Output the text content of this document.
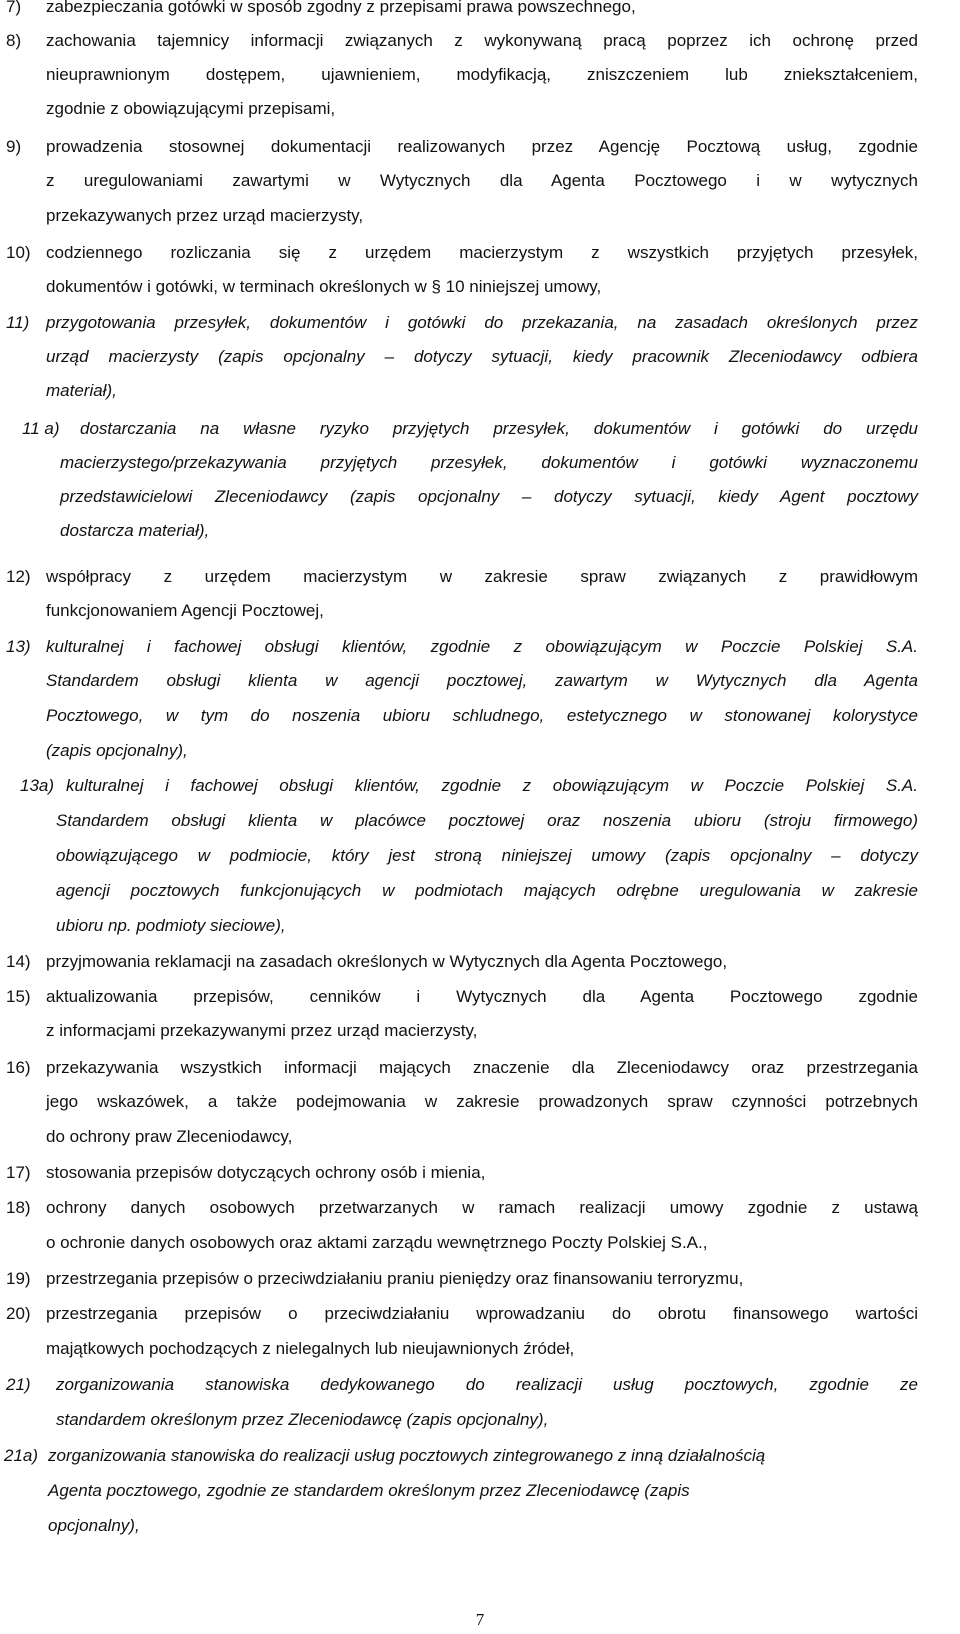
7) zabezpieczania gotówki w sposób zgodny z przepisami prawa powszechnego,
8) zachowania tajemnicy informacji związanych z wykonywaną pracą poprzez ich ochronę przed
nieuprawnionym dostępem, ujawnieniem, modyfikacją, zniszczeniem lub zniekształceniem,
zgodnie z obowiązującymi przepisami,
9) prowadzenia stosownej dokumentacji realizowanych przez Agencję Pocztową usług, zgodnie
z uregulowaniami zawartymi w Wytycznych dla Agenta Pocztowego i w wytycznych
przekazywanych przez urząd macierzysty,
10) codziennego rozliczania się z urzędem macierzystym z wszystkich przyjętych przesyłek,
dokumentów i gotówki, w terminach określonych w § 10 niniejszej umowy,
11) przygotowania przesyłek, dokumentów i gotówki do przekazania, na zasadach określonych przez
urząd macierzysty (zapis opcjonalny – dotyczy sytuacji, kiedy pracownik Zleceniodawcy odbiera
materiał),
11 a) dostarczania na własne ryzyko przyjętych przesyłek, dokumentów i gotówki do urzędu
macierzystego/przekazywania przyjętych przesyłek, dokumentów i gotówki wyznaczonemu
przedstawicielowi Zleceniodawcy (zapis opcjonalny – dotyczy sytuacji, kiedy Agent pocztowy
dostarcza materiał),
12) współpracy z urzędem macierzystym w zakresie spraw związanych z prawidłowym
funkcjonowaniem Agencji Pocztowej,
13) kulturalnej i fachowej obsługi klientów, zgodnie z obowiązującym w Poczcie Polskiej S.A.
Standardem obsługi klienta w agencji pocztowej, zawartym w Wytycznych dla Agenta
Pocztowego, w tym do noszenia ubioru schludnego, estetycznego w stonowanej kolorystyce
(zapis opcjonalny),
13a) kulturalnej i fachowej obsługi klientów, zgodnie z obowiązującym w Poczcie Polskiej S.A.
Standardem obsługi klienta w placówce pocztowej oraz noszenia ubioru (stroju firmowego)
obowiązującego w podmiocie, który jest stroną niniejszej umowy (zapis opcjonalny – dotyczy
agencji pocztowych funkcjonujących w podmiotach mających odrębne uregulowania w zakresie
ubioru np. podmioty sieciowe),
14) przyjmowania reklamacji na zasadach określonych w Wytycznych dla Agenta Pocztowego,
15) aktualizowania przepisów, cenników i Wytycznych dla Agenta Pocztowego zgodnie
z informacjami przekazywanymi przez urząd macierzysty,
16) przekazywania wszystkich informacji mających znaczenie dla Zleceniodawcy oraz przestrzegania
jego wskazówek, a także podejmowania w zakresie prowadzonych spraw czynności potrzebnych
do ochrony praw Zleceniodawcy,
17) stosowania przepisów dotyczących ochrony osób i mienia,
18) ochrony danych osobowych przetwarzanych w ramach realizacji umowy zgodnie z ustawą
o ochronie danych osobowych oraz aktami zarządu wewnętrznego Poczty Polskiej S.A.,
19) przestrzegania przepisów o przeciwdziałaniu praniu pieniędzy oraz finansowaniu terroryzmu,
20) przestrzegania przepisów o przeciwdziałaniu wprowadzaniu do obrotu finansowego wartości
majątkowych pochodzących z nielegalnych lub nieujawnionych źródeł,
21) zorganizowania stanowiska dedykowanego do realizacji usług pocztowych, zgodnie ze
standardem określonym przez Zleceniodawcę (zapis opcjonalny),
21a) zorganizowania stanowiska do realizacji usług pocztowych zintegrowanego z inną działalnością
Agenta pocztowego, zgodnie ze standardem określonym przez Zleceniodawcę (zapis
opcjonalny),
7
